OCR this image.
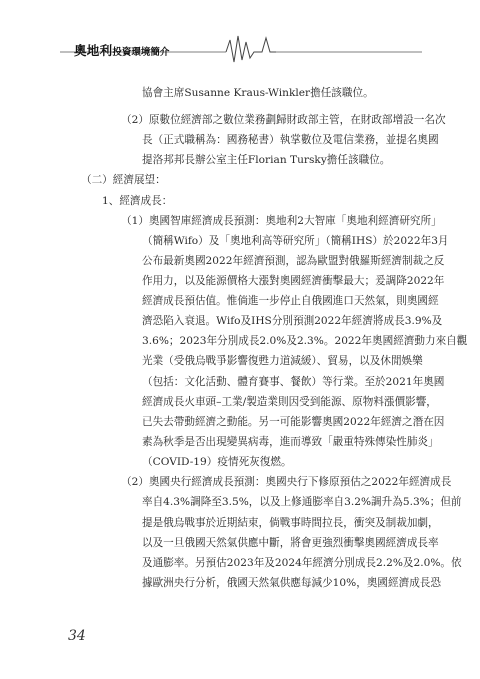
奧地利投資環境簡介
協會主席Susanne Kraus-Winkler擔任該職位。
（2）原數位經濟部之數位業務劃歸財政部主管，在財政部增設一名次
長（正式職稱為：國務秘書）執掌數位及電信業務，並提名奧國
提洛邦邦長辦公室主任Florian Tursky擔任該職位。
（二）經濟展望：
1、經濟成長：
（1）奧國智庫經濟成長預測：奧地利2大智庫「奧地利經濟研究所」
（簡稱Wifo）及「奧地利高等研究所」（簡稱IHS）於2022年3月
公布最新奧國2022年經濟預測，認為歐盟對俄羅斯經濟制裁之反
作用力，以及能源價格大漲對奧國經濟衝擊最大；爰調降2022年
經濟成長預估值。惟倘進一步停止自俄國進口天然氣，則奧國經
濟恐陷入衰退。Wifo及IHS分別預測2022年經濟將成長3.9%及
3.6%；2023年分別成長2.0%及2.3%。2022年奧國經濟動力來自觀
光業（受俄烏戰爭影響復甦力道減緩）、貿易，以及休閒娛樂
（包括：文化活動、體育賽事、餐飲）等行業。至於2021年奧國
經濟成長火車頭–工業/製造業則因受到能源、原物料漲價影響，
已失去帶動經濟之動能。另一可能影響奧國2022年經濟之潛在因
素為秋季是否出現變異病毒，進而導致「嚴重特殊傳染性肺炎」
（COVID-19）疫情死灰復燃。
（2）奧國央行經濟成長預測：奧國央行下修原預估之2022年經濟成長
率自4.3%調降至3.5%，以及上修通膨率自3.2%調升為5.3%；但前
提是俄烏戰事於近期結束，倘戰事時間拉長，衝突及制裁加劇，
以及一旦俄國天然氣供應中斷，將會更強烈衝擊奧國經濟成長率
及通膨率。另預估2023年及2024年經濟分別成長2.2%及2.0%。依
據歐洲央行分析，俄國天然氣供應每減少10%，奧國經濟成長恐

34
